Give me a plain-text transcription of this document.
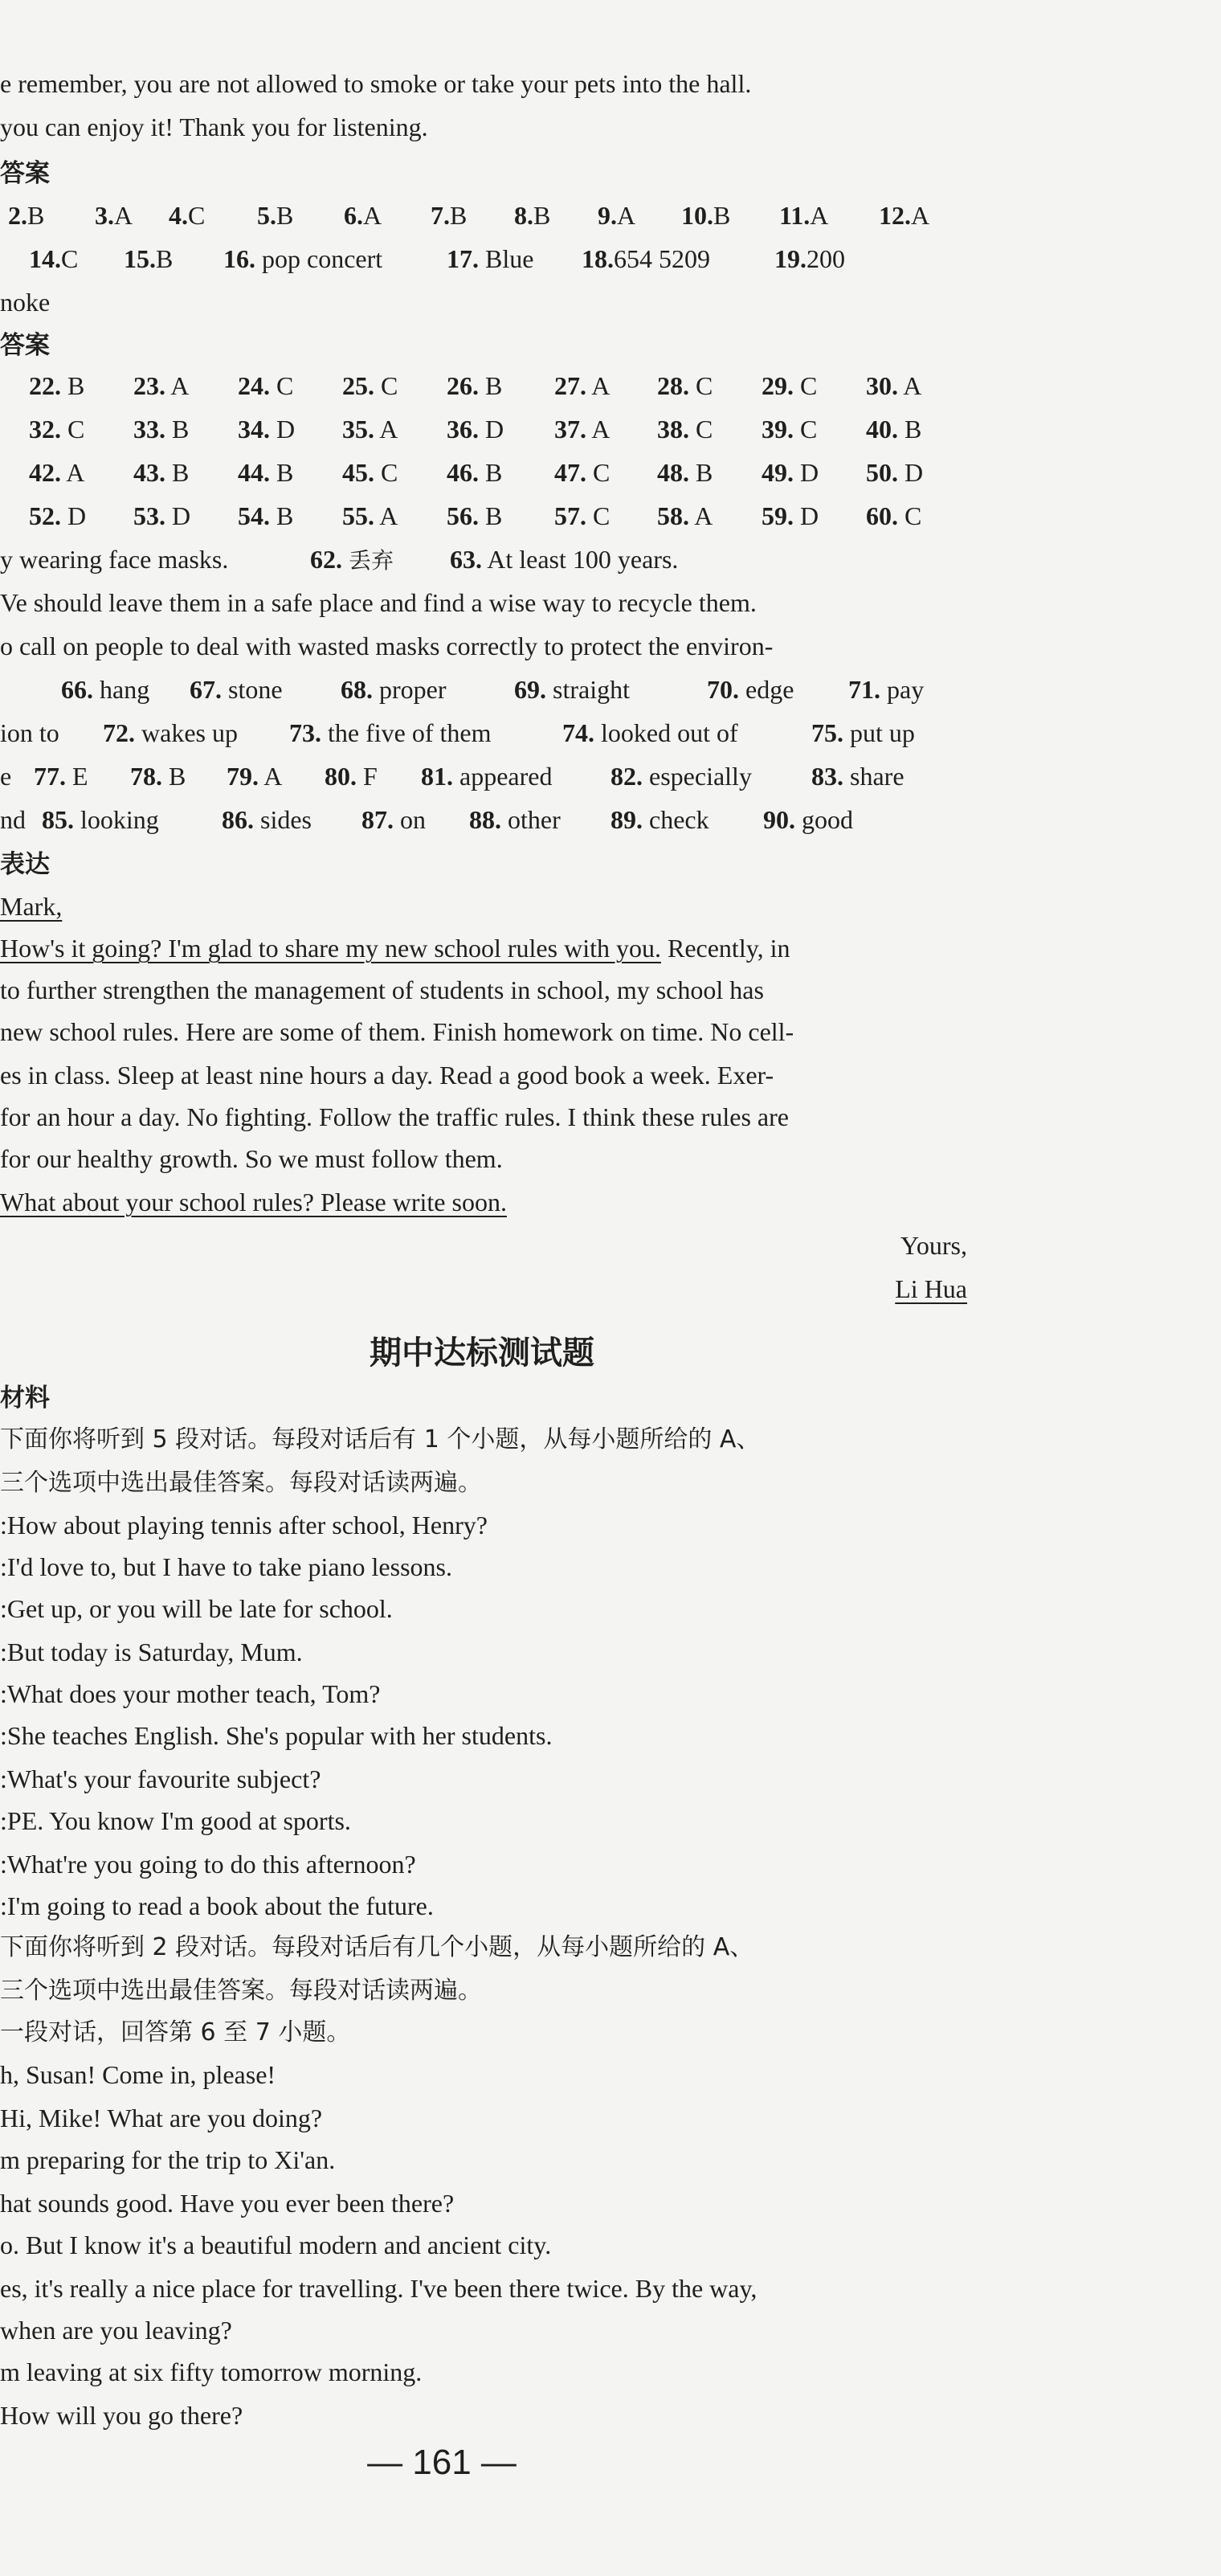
e remember, you are not allowed to smoke or take your pets into the hall.
you can enjoy it! Thank you for listening.
答案
2.B 3.A 4.C 5.B 6.A 7.B 8.B 9.A 10.B 11.A 12.A
14.C 15.B 16. pop concert 17. Blue 18.654 5209	19.200
noke
答案
22. B 23. A 24. C 25. C 26. B 27. A 28. C 29. C 30. A
32. C 33. B 34. D 35. A 36. D 37. A 38. C 39. C 40. B
42. A 43. B 44. B 45. C 46. B 47. C 48. B 49. D 50. D
52. D 53. D 54. B 55. A 56. B 57. C 58. A 59. D 60. C
y wearing face masks.	62. 丢弃 63. At least 100 years.
Ve should leave them in a safe place and find a wise way to recycle them.
o call on people to deal with wasted masks correctly to protect the environ-
66. hang 67. stone 68. proper	69. straight	70. edge 71. pay
ion to 72. wakes up 73. the five of them	74. looked out of	75. put up
e 77. E 78. B 79. A 80. F 81. appeared 82. especially 83. share
nd 85. looking 86. sides 87. on 88. other 89. check 90. good
表达
Mark,
How's it going? I'm glad to share my new school rules with you. Recently, in
to further strengthen the management of students in school, my school has
new school rules. Here are some of them. Finish homework on time. No cell-
es in class. Sleep at least nine hours a day. Read a good book a week. Exer-
for an hour a day. No fighting. Follow the traffic rules. I think these rules are
for our healthy growth. So we must follow them.
What about your school rules? Please write soon.
Yours,
Li Hua
期中达标测试题
材料
下面你将听到 5 段对话。每段对话后有 1 个小题，从每小题所给的 A、
三个选项中选出最佳答案。每段对话读两遍。
:How about playing tennis after school, Henry?
:I'd love to, but I have to take piano lessons.
:Get up, or you will be late for school.
:But today is Saturday, Mum.
:What does your mother teach, Tom?
:She teaches English. She's popular with her students.
:What's your favourite subject?
:PE. You know I'm good at sports.
:What're you going to do this afternoon?
:I'm going to read a book about the future.
下面你将听到 2 段对话。每段对话后有几个小题，从每小题所给的 A、
三个选项中选出最佳答案。每段对话读两遍。
一段对话，回答第 6 至 7 小题。
h, Susan! Come in, please!
Hi, Mike! What are you doing?
m preparing for the trip to Xi'an.
hat sounds good. Have you ever been there?
o. But I know it's a beautiful modern and ancient city.
es, it's really a nice place for travelling. I've been there twice. By the way,
when are you leaving?
m leaving at six fifty tomorrow morning.
How will you go there?
— 161 —
